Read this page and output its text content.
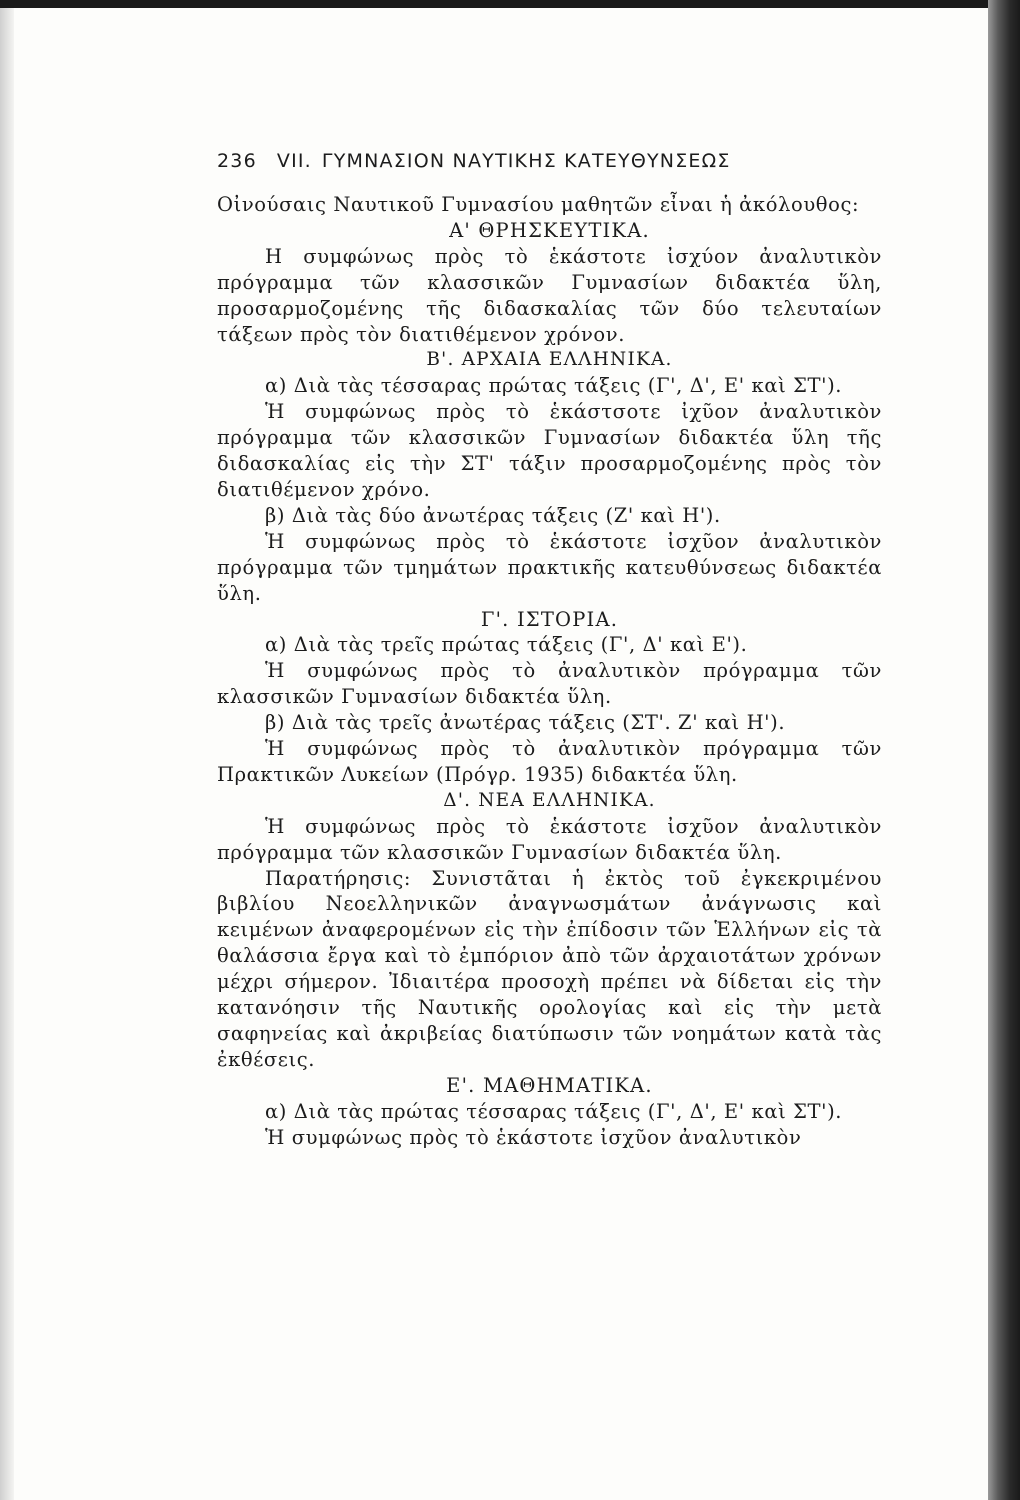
236 VII. ΓΥΜΝΑΣΙΟΝ ΝΑΥΤΙΚΗΣ ΚΑΤΕΥΘΥΝΣΕΩΣ

Οἰνούσαις Ναυτικοῦ Γυμνασίου μαθητῶν εἶναι ἡ ἀκόλουθος:

Α' ΘΡΗΣΚΕΥΤΙΚΑ.

Η συμφώνως πρὸς τὸ ἑκάστοτε ἰσχύον ἀναλυτικὸν πρόγραμμα τῶν κλασσικῶν Γυμνασίων διδακτέα ὕλη, προσαρμοζομένης τῆς διδασκαλίας τῶν δύο τελευταίων τάξεων πρὸς τὸν διατιθέμενον χρόνον.

Β'. ΑΡΧΑΙΑ ΕΛΛΗΝΙΚΑ.

α) Διὰ τὰς τέσσαρας πρώτας τάξεις (Γ', Δ', Ε' καὶ ΣΤ').

Ἡ συμφώνως πρὸς τὸ ἑκάστσοτε ἰχῦον ἀναλυτικὸν πρόγραμμα τῶν κλασσικῶν Γυμνασίων διδακτέα ὕλη τῆς διδασκαλίας εἰς τὴν ΣΤ' τάξιν προσαρμοζομένης πρὸς τὸν διατιθέμενον χρόνο.

β) Διὰ τὰς δύο ἀνωτέρας τάξεις (Ζ' καὶ Η').

Ἡ συμφώνως πρὸς τὸ ἑκάστοτε ἰσχῦον ἀναλυτικὸν πρόγραμμα τῶν τμημάτων πρακτικῆς κατευθύνσεως διδακτέα ὕλη.

Γ'. ΙΣΤΟΡΙΑ.

α) Διὰ τὰς τρεῖς πρώτας τάξεις (Γ', Δ' καὶ Ε').

Ἡ συμφώνως πρὸς τὸ ἀναλυτικὸν πρόγραμμα τῶν κλασσικῶν Γυμνασίων διδακτέα ὕλη.

β) Διὰ τὰς τρεῖς ἀνωτέρας τάξεις (ΣΤ'. Ζ' καὶ Η').

Ἡ συμφώνως πρὸς τὸ ἀναλυτικὸν πρόγραμμα τῶν Πρακτικῶν Λυκείων (Πρόγρ. 1935) διδακτέα ὕλη.

Δ'. ΝΕΑ ΕΛΛΗΝΙΚΑ.

Ἡ συμφώνως πρὸς τὸ ἑκάστοτε ἰσχῦον ἀναλυτικὸν πρόγραμμα τῶν κλασσικῶν Γυμνασίων διδακτέα ὕλη.

Παρατήρησις: Συνιστᾶται ἡ ἐκτὸς τοῦ ἐγκεκριμένου βιβλίου Νεοελληνικῶν ἀναγνωσμάτων ἀνάγνωσις καὶ κειμένων ἀναφερομένων εἰς τὴν ἐπίδοσιν τῶν Ἑλλήνων εἰς τὰ θαλάσσια ἔργα καὶ τὸ ἐμπόριον ἀπὸ τῶν ἀρχαιοτάτων χρόνων μέχρι σήμερον. Ἰδιαιτέρα προσοχὴ πρέπει νὰ δίδεται εἰς τὴν κατανόησιν τῆς Ναυτικῆς ορολογίας καὶ εἰς τὴν μετὰ σαφηνείας καὶ ἀκριβείας διατύπωσιν τῶν νοημάτων κατὰ τὰς ἐκθέσεις.

Ε'. ΜΑΘΗΜΑΤΙΚΑ.

α) Διὰ τὰς πρώτας τέσσαρας τάξεις (Γ', Δ', Ε' καὶ ΣΤ').

Ἡ συμφώνως πρὸς τὸ ἑκάστοτε ἰσχῦον ἀναλυτικὸν
